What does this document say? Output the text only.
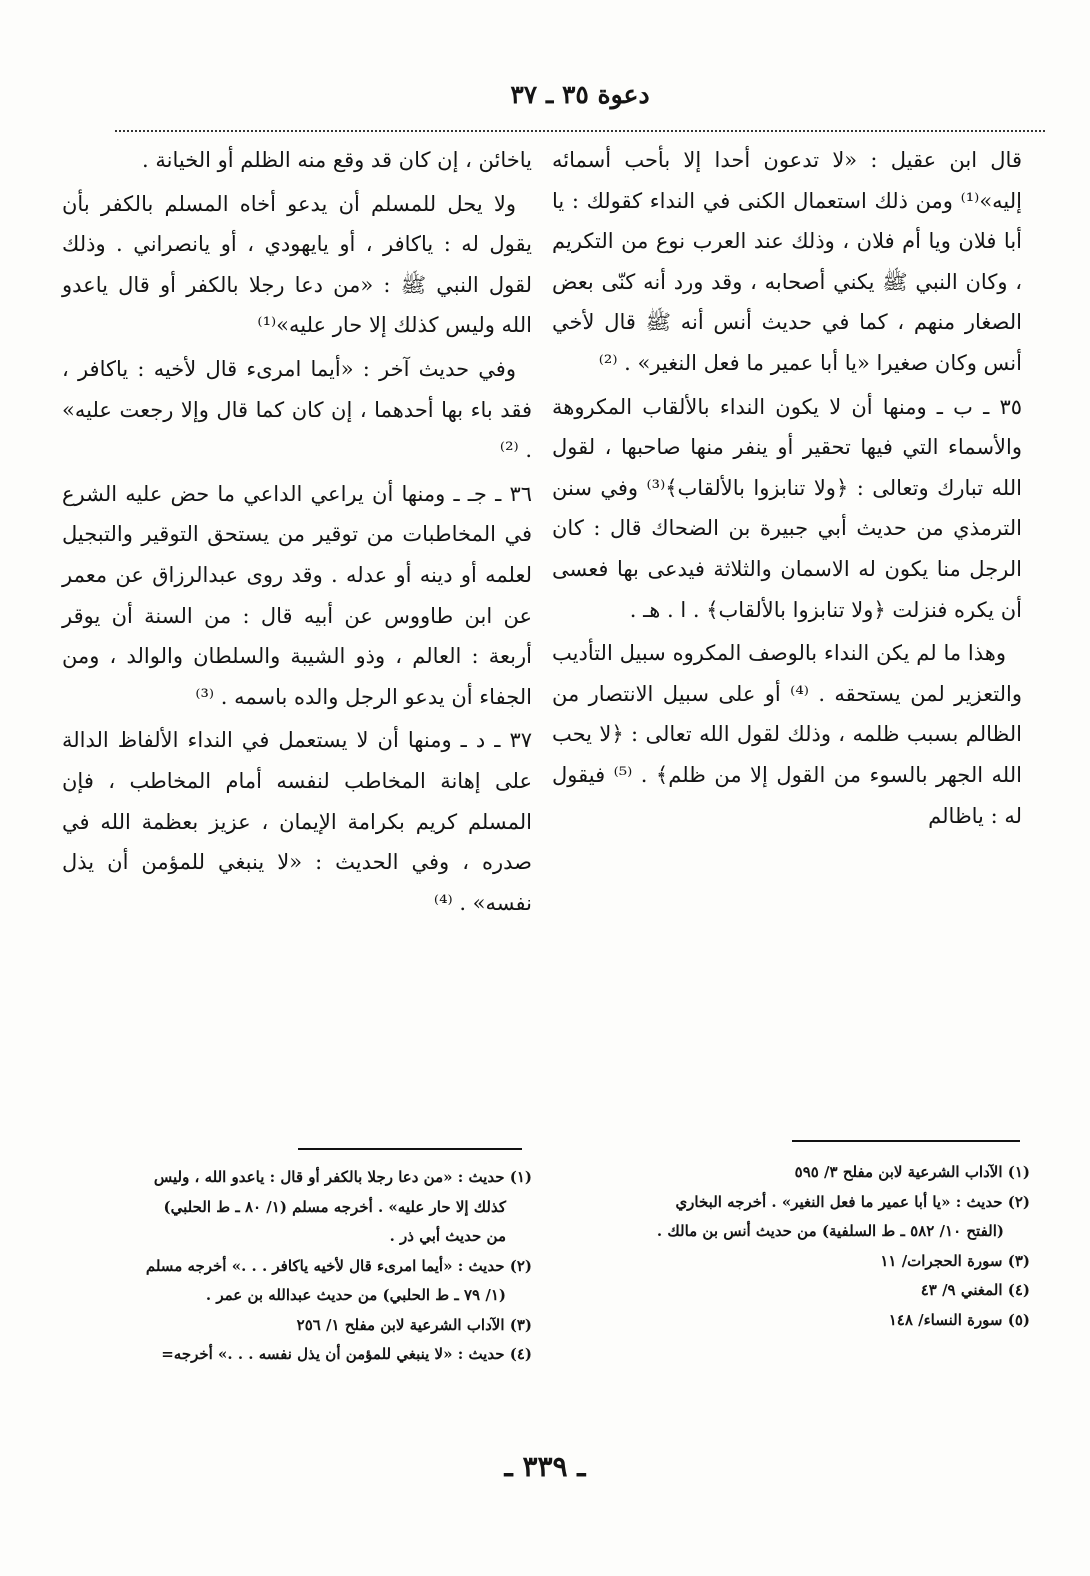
دعوة ٣٥ ـ ٣٧

قال ابن عقيل : «لا تدعون أحدا إلا بأحب أسمائه إليه»⁽¹⁾ ومن ذلك استعمال الكنى في النداء كقولك : يا أبا فلان ويا أم فلان ، وذلك عند العرب نوع من التكريم ، وكان النبي ﷺ يكني أصحابه ، وقد ورد أنه كنّى بعض الصغار منهم ، كما في حديث أنس أنه ﷺ قال لأخي أنس وكان صغيرا «يا أبا عمير ما فعل النغير» . ⁽²⁾

٣٥ ـ ب ـ ومنها أن لا يكون النداء بالألقاب المكروهة والأسماء التي فيها تحقير أو ينفر منها صاحبها ، لقول الله تبارك وتعالى : ﴿ولا تنابزوا بالألقاب﴾⁽³⁾ وفي سنن الترمذي من حديث أبي جبيرة بن الضحاك قال : كان الرجل منا يكون له الاسمان والثلاثة فيدعى بها فعسى أن يكره فنزلت ﴿ولا تنابزوا بالألقاب﴾ . ا . هـ .

وهذا ما لم يكن النداء بالوصف المكروه سبيل التأديب والتعزير لمن يستحقه . ⁽⁴⁾ أو على سبيل الانتصار من الظالم بسبب ظلمه ، وذلك لقول الله تعالى : ﴿لا يحب الله الجهر بالسوء من القول إلا من ظلم﴾ . ⁽⁵⁾ فيقول له : ياظالم

ياخائن ، إن كان قد وقع منه الظلم أو الخيانة .

ولا يحل للمسلم أن يدعو أخاه المسلم بالكفر بأن يقول له : ياكافر ، أو يايهودي ، أو يانصراني . وذلك لقول النبي ﷺ : «من دعا رجلا بالكفر أو قال ياعدو الله وليس كذلك إلا حار عليه»⁽¹⁾

وفي حديث آخر : «أيما امرىء قال لأخيه : ياكافر ، فقد باء بها أحدهما ، إن كان كما قال وإلا رجعت عليه» . ⁽²⁾

٣٦ ـ جـ ـ ومنها أن يراعي الداعي ما حض عليه الشرع في المخاطبات من توقير من يستحق التوقير والتبجيل لعلمه أو دينه أو عدله . وقد روى عبدالرزاق عن معمر عن ابن طاووس عن أبيه قال : من السنة أن يوقر أربعة : العالم ، وذو الشيبة والسلطان والوالد ، ومن الجفاء أن يدعو الرجل والده باسمه . ⁽³⁾

٣٧ ـ د ـ ومنها أن لا يستعمل في النداء الألفاظ الدالة على إهانة المخاطب لنفسه أمام المخاطب ، فإن المسلم كريم بكرامة الإيمان ، عزيز بعظمة الله في صدره ، وفي الحديث : «لا ينبغي للمؤمن أن يذل نفسه» . ⁽⁴⁾

(١) الآداب الشرعية لابن مفلح ٣/ ٥٩٥
(٢) حديث : «يا أبا عمير ما فعل النغير» . أخرجه البخاري
(الفتح ١٠/ ٥٨٢ ـ ط السلفية) من حديث أنس بن مالك .
(٣) سورة الحجرات/ ١١
(٤) المغني ٩/ ٤٣
(٥) سورة النساء/ ١٤٨
(١) حديث : «من دعا رجلا بالكفر أو قال : ياعدو الله ، وليس
كذلك إلا حار عليه» . أخرجه مسلم (١/ ٨٠ ـ ط الحلبي)
من حديث أبي ذر .
(٢) حديث : «أيما امرىء قال لأخيه ياكافر . . .» أخرجه مسلم
(١/ ٧٩ ـ ط الحلبي) من حديث عبدالله بن عمر .
(٣) الآداب الشرعية لابن مفلح ١/ ٢٥٦
(٤) حديث : «لا ينبغي للمؤمن أن يذل نفسه . . .» أخرجه=
ـ ٣٣٩ ـ
